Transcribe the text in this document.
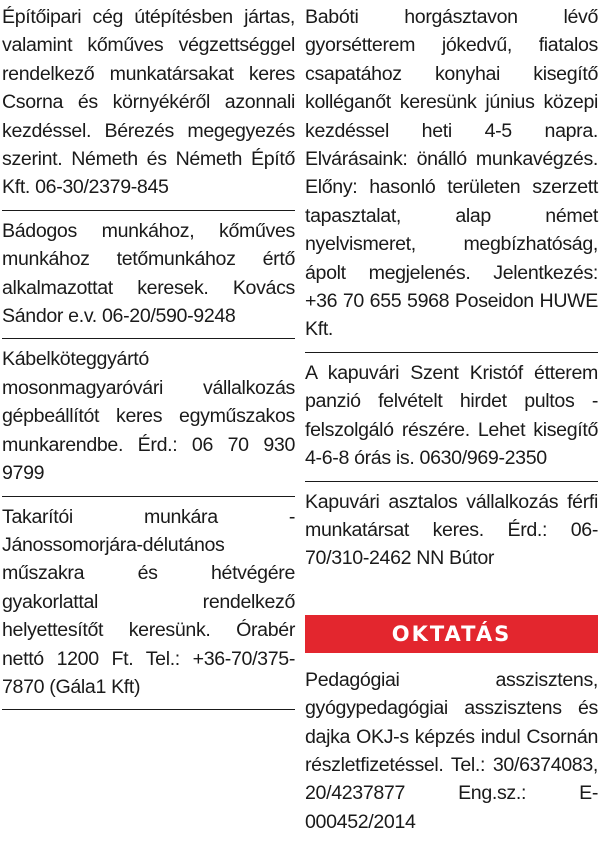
Építőipari cég útépítésben jártas, valamint kőműves végzettséggel rendelkező munkatársakat keres Csorna és környékéről azonnali kezdéssel. Bérezés megegyezés szerint. Németh és Németh Építő Kft. 06-30/2379-845
Bádogos munkához, kőműves munkához tetőmunkához értő alkalmazottat keresek. Kovács Sándor e.v. 06-20/590-9248
Kábelköteggyártó mosonmagyaróvári vállalkozás gépbeállítót keres egyműszakos munkarendbe. Érd.: 06 70 930 9799
Takarítói munkára -Jánossomorjára-délutános műszakra és hétvégére gyakorlattal rendelkező helyettesítőt keresünk. Órabér nettó 1200 Ft. Tel.: +36-70/375-7870 (Gála1 Kft)
Babóti horgásztavon lévő gyorsétterem jókedvű, fiatalos csapatához konyhai kisegítő kolléganőt keresünk június közepi kezdéssel heti 4-5 napra. Elvárásaink: önálló munkavégzés. Előny: hasonló területen szerzett tapasztalat, alap német nyelvismeret, megbízhatóság, ápolt megjelenés. Jelentkezés: +36 70 655 5968 Poseidon HUWE Kft.
A kapuvári Szent Kristóf étterem panzió felvételt hirdet pultos - felszolgáló részére. Lehet kisegítő 4-6-8 órás is. 0630/969-2350
Kapuvári asztalos vállalkozás férfi munkatársat keres. Érd.: 06-70/310-2462 NN Bútor
OKTATÁS
Pedagógiai asszisztens, gyógypedagógiai asszisztens és dajka OKJ-s képzés indul Csornán részletfizetéssel. Tel.: 30/6374083, 20/4237877 Eng.sz.: E-000452/2014
